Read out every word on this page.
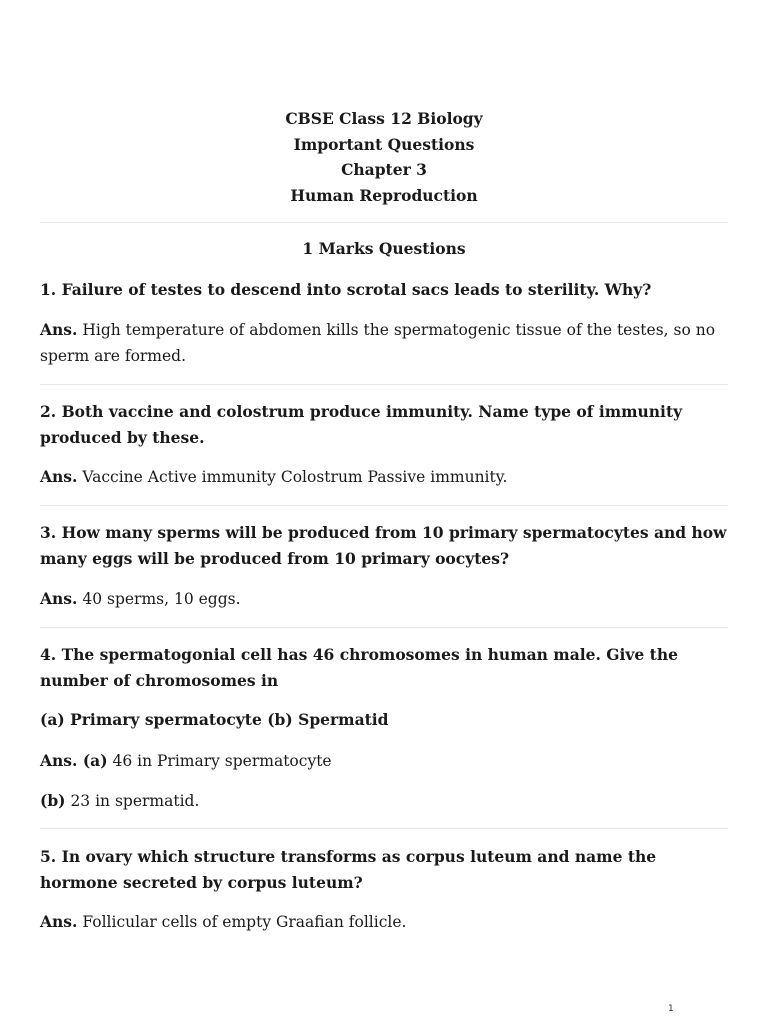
CBSE Class 12 Biology
Important Questions
Chapter 3
Human Reproduction
1 Marks Questions
1. Failure of testes to descend into scrotal sacs leads to sterility. Why?
Ans. High temperature of abdomen kills the spermatogenic tissue of the testes, so no sperm are formed.
2. Both vaccine and colostrum produce immunity. Name type of immunity produced by these.
Ans. Vaccine Active immunity Colostrum Passive immunity.
3. How many sperms will be produced from 10 primary spermatocytes and how many eggs will be produced from 10 primary oocytes?
Ans. 40 sperms, 10 eggs.
4. The spermatogonial cell has 46 chromosomes in human male. Give the number of chromosomes in
(a) Primary spermatocyte (b) Spermatid
Ans. (a) 46 in Primary spermatocyte
(b) 23 in spermatid.
5. In ovary which structure transforms as corpus luteum and name the hormone secreted by corpus luteum?
Ans. Follicular cells of empty Graafian follicle.
1
